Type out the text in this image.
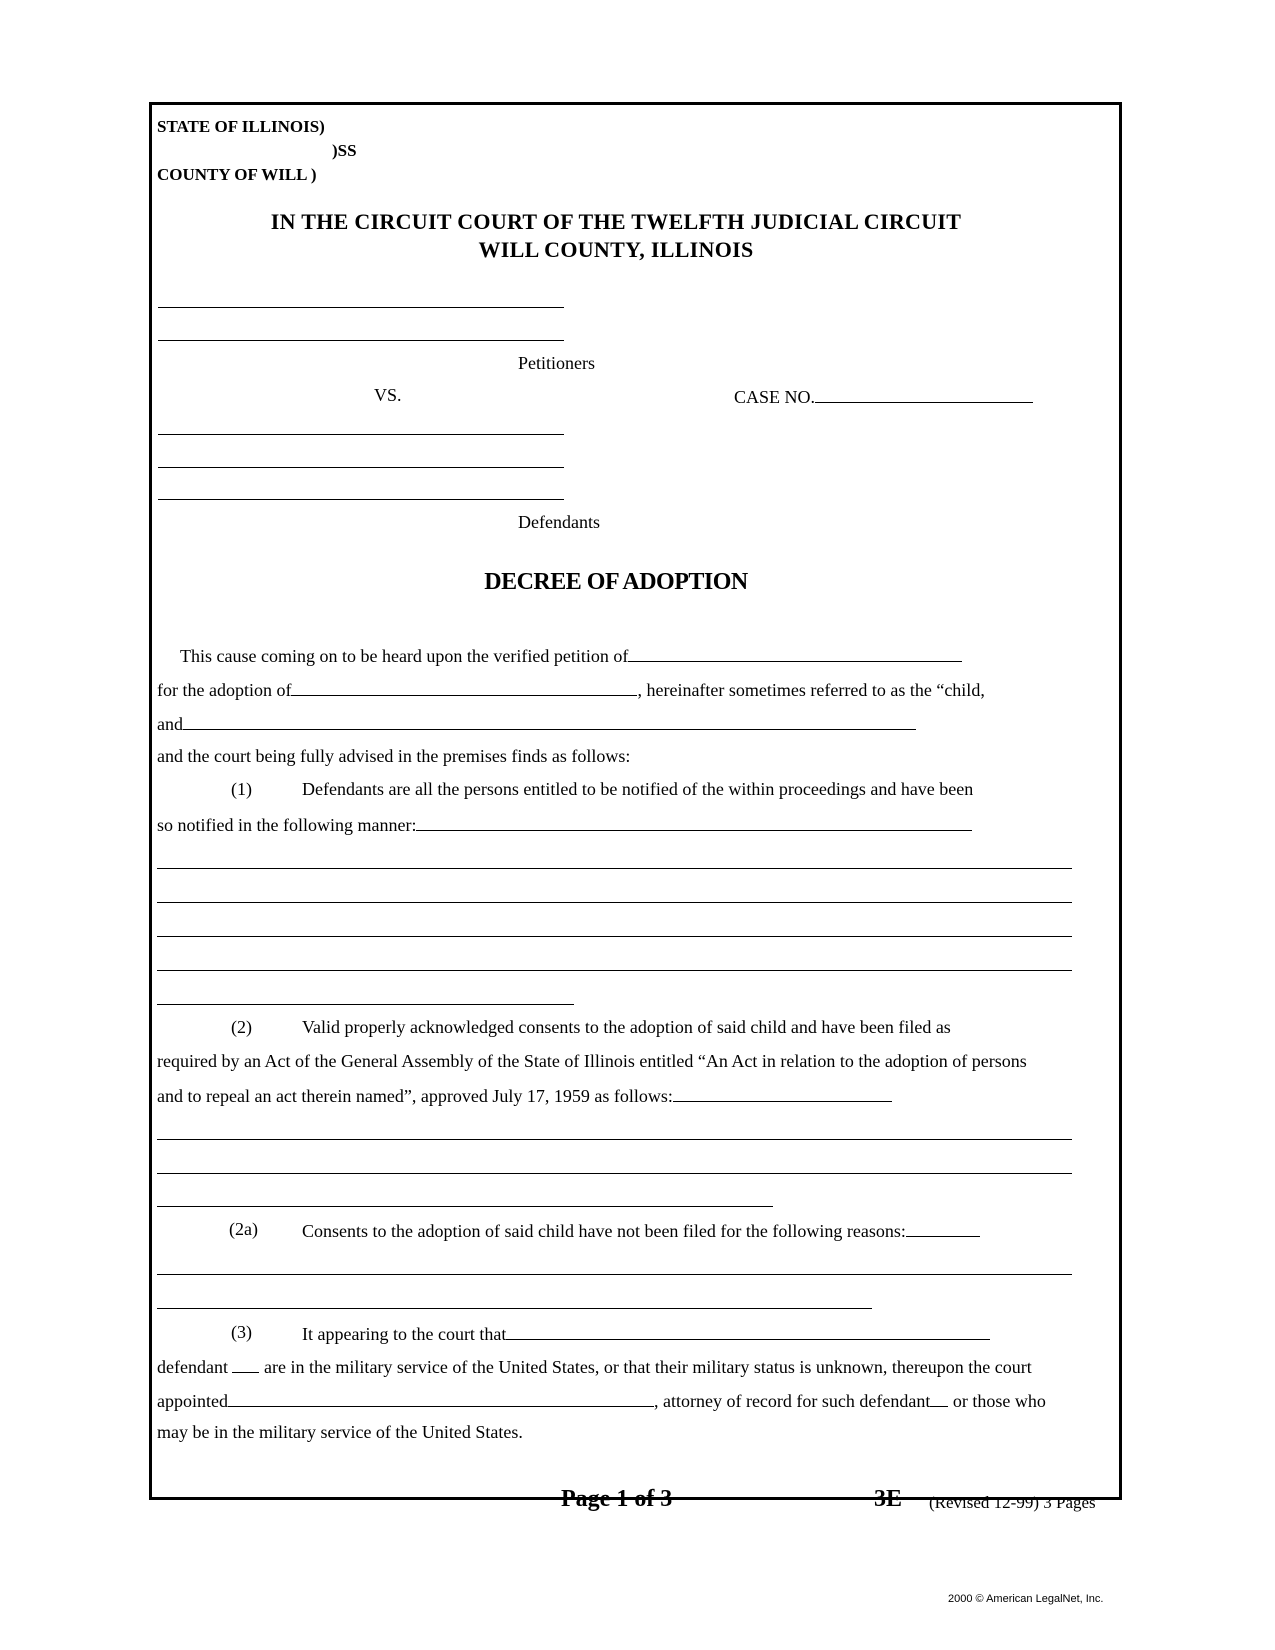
STATE OF ILLINOIS)
)SS
COUNTY OF WILL )
IN THE CIRCUIT COURT OF THE TWELFTH JUDICIAL CIRCUIT
WILL COUNTY, ILLINOIS
Petitioners
VS.	CASE NO.
Defendants
DECREE OF ADOPTION
This cause coming on to be heard upon the verified petition of
for the adoption of	, hereinafter sometimes referred to as the “child,
and
and the court being fully advised in the premises finds as follows:
(1)	Defendants are all the persons entitled to be notified of the within proceedings and have been
so notified in the following manner:
(2)	Valid properly acknowledged consents to the adoption of said child and have been filed as
required by an Act of the General Assembly of the State of Illinois entitled “An Act in relation to the adoption of persons
and to repeal an act therein named”, approved July 17, 1959 as follows:
(2a) Consents to the adoption of said child have not been filed for the following reasons:
(3)	It appearing to the court that
defendant are in the military service of the United States, or that their military status is unknown, thereupon the court
appointed	, attorney of record for such defendant or those who
may be in the military service of the United States.
Page 1 of 3	3E (Revised 12-99) 3 Pages
2000 © American LegalNet, Inc.
